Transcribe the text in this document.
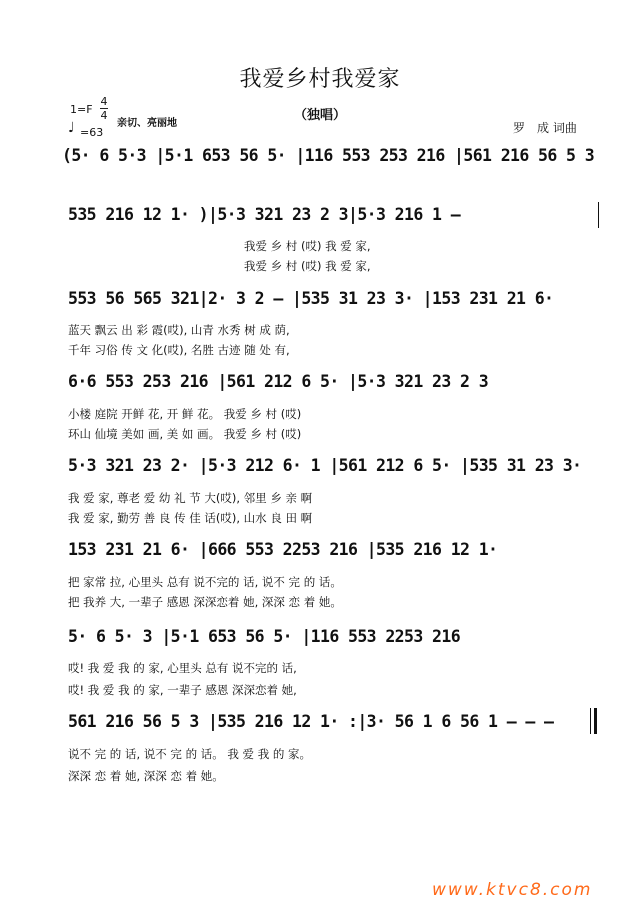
我爱乡村我爱家
（独唱）
1=F
4
4
亲切、亮丽地
♩ =63	罗　成 词曲
(5· 6 5·3 |5·1 653 56 5· |116 553 253 216 |561 216 56 5 3
535 216 12 1· )|5·3 321 23 2 3|5·3 216 1 –
我爱 乡 村 (哎) 我 爱 家,
我爱 乡 村 (哎) 我 爱 家,
553 56 565 321|2· 3 2 – |535 31 23 3· |153 231 21 6·
蓝天 飘云 出 彩 霞(哎), 山青 水秀 树 成 荫,
千年 习俗 传 文 化(哎), 名胜 古迹 随 处 有,
6·6 553 253 216 |561 212 6 5· |5·3 321 23 2 3
小楼 庭院 开鲜 花, 开 鲜 花。 我爱 乡 村 (哎)
环山 仙境 美如 画, 美 如 画。 我爱 乡 村 (哎)
5·3 321 23 2· |5·3 212 6· 1 |561 212 6 5· |535 31 23 3·
我 爱 家, 尊老 爱 幼 礼 节 大(哎), 邻里 乡 亲 啊
我 爱 家, 勤劳 善 良 传 佳 话(哎), 山水 良 田 啊
153 231 21 6· |666 553 2253 216 |535 216 12 1·
把 家常 拉, 心里头 总有 说不完的 话, 说不 完 的 话。
把 我养 大, 一辈子 感恩 深深恋着 她, 深深 恋 着 她。
5· 6 5· 3 |5·1 653 56 5· |116 553 2253 216
哎! 我 爱 我 的 家, 心里头 总有 说不完的 话,
哎! 我 爱 我 的 家, 一辈子 感恩 深深恋着 她,
561 216 56 5 3 |535 216 12 1· :|3· 56 1 6 56 1 – – –
说不 完 的 话, 说不 完 的 话。 我 爱 我 的 家。
深深 恋 着 她, 深深 恋 着 她。
www.ktvc8.com
